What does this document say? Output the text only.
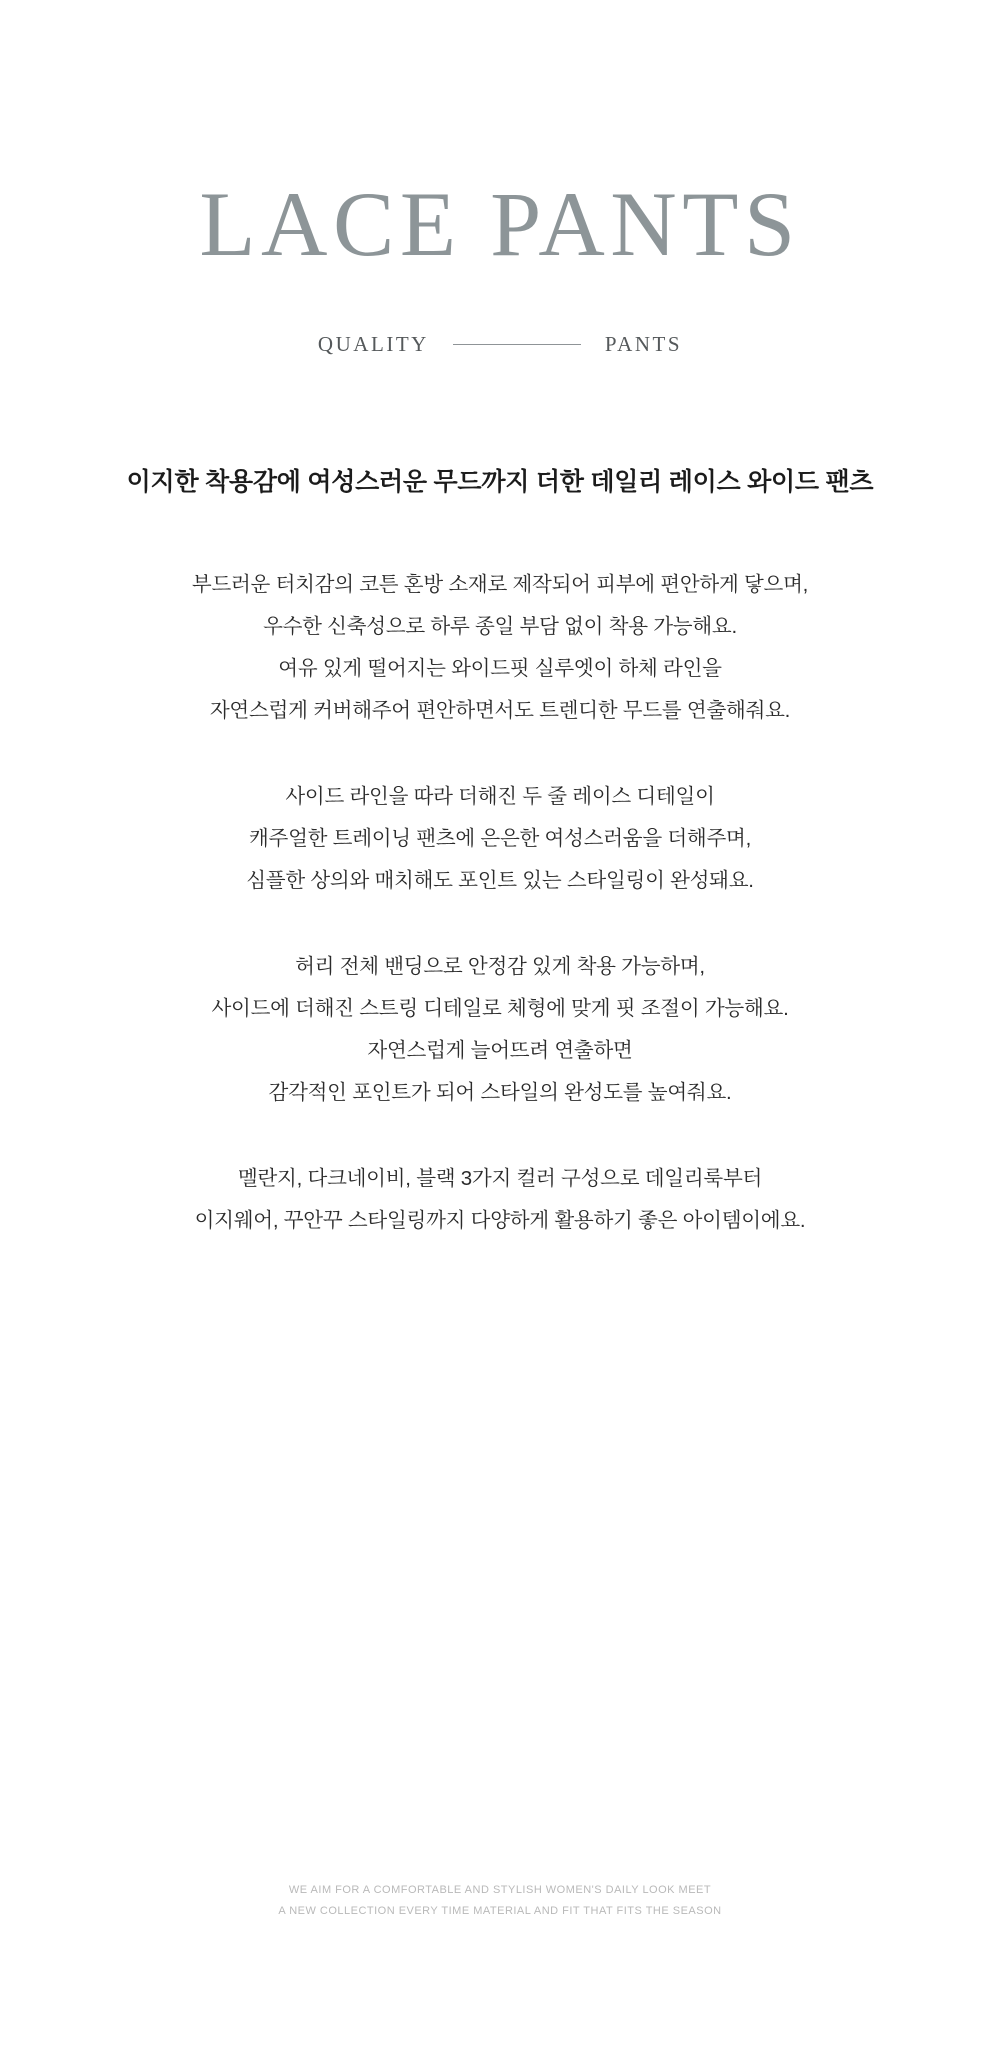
LACE PANTS
QUALITY	PANTS
이지한 착용감에 여성스러운 무드까지 더한 데일리 레이스 와이드 팬츠

부드러운 터치감의 코튼 혼방 소재로 제작되어 피부에 편안하게 닿으며,
우수한 신축성으로 하루 종일 부담 없이 착용 가능해요.
여유 있게 떨어지는 와이드핏 실루엣이 하체 라인을
자연스럽게 커버해주어 편안하면서도 트렌디한 무드를 연출해줘요.

사이드 라인을 따라 더해진 두 줄 레이스 디테일이
캐주얼한 트레이닝 팬츠에 은은한 여성스러움을 더해주며,
심플한 상의와 매치해도 포인트 있는 스타일링이 완성돼요.

허리 전체 밴딩으로 안정감 있게 착용 가능하며,
사이드에 더해진 스트링 디테일로 체형에 맞게 핏 조절이 가능해요.
자연스럽게 늘어뜨려 연출하면
감각적인 포인트가 되어 스타일의 완성도를 높여줘요.

멜란지, 다크네이비, 블랙 3가지 컬러 구성으로 데일리룩부터
이지웨어, 꾸안꾸 스타일링까지 다양하게 활용하기 좋은 아이템이에요.

WE AIM FOR A COMFORTABLE AND STYLISH WOMEN'S DAILY LOOK MEET
A NEW COLLECTION EVERY TIME MATERIAL AND FIT THAT FITS THE SEASON
